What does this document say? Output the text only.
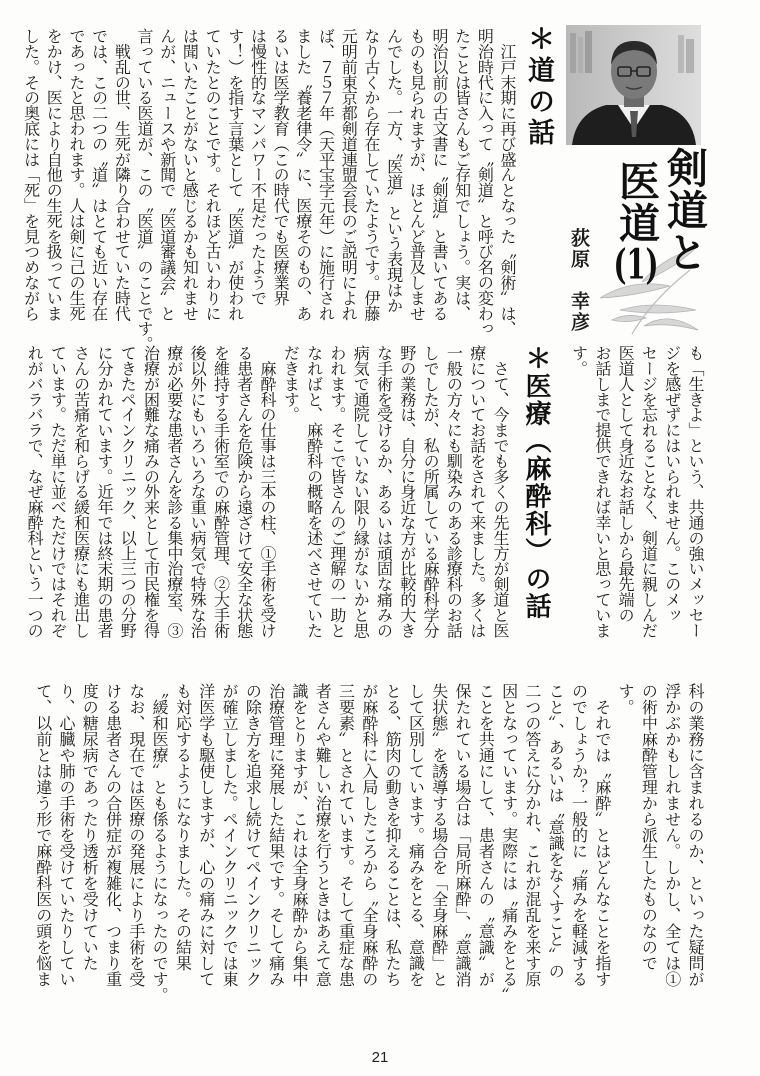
剣道と
医道(1)
荻原　幸彦
＊道の話
＊医療（麻酔科）の話
　江戸末期に再び盛んとなった〝剣術〟は、
明治時代に入って〝剣道〟と呼び名の変わっ
たことは皆さんもご存知でしょう。実は、
明治以前の古文書に〝剣道〟と書いてある
ものも見られますが、ほとんど普及しませ
んでした。一方、〝医道〟という表現はか
なり古くから存在していたようです。伊藤
元明前東京都剣道連盟会長のご説明によれ
ば、７５７年（天平宝字元年）に施行され
ました〝養老律令〟に、医療そのもの、あ
るいは医学教育（この時代でも医療業界
は慢性的なマンパワー不足だったようで
す！）を指す言葉として〝医道〟が使われ
ていたとのことです。それほど古いわりに
は聞いたことがないと感じるかも知れませ
んが、ニュースや新聞で〝医道審議会〟と
言っている医道が、この〝医道〟のことです。
　戦乱の世、生死が隣り合わせていた時代
では、この二つの〝道〟はとても近い存在
であったと思われます。人は剣に己の生死
をかけ、医により自他の生死を扱っていま
した。その奥底には「死」を見つめながら
も「生きよ」という、共通の強いメッセー
ジを感ぜずにはいられません。このメッ
セージを忘れることなく、剣道に親しんだ
医道人として身近なお話しから最先端の
お話しまで提供できれば幸いと思っていま
す。
　さて、今までも多くの先生方が剣道と医
療についてお話をされて来ました。多くは
一般の方々にも馴染みのある診療科のお話
しでしたが、私の所属している麻酔科学分
野の業務は、自分に身近な方が比較的大き
な手術を受けるか、あるいは頑固な痛みの
病気で通院していない限り縁がないかと思
われます。そこで皆さんのご理解の一助と
なればと、麻酔科の概略を述べさせていた
だきます。
　麻酔科の仕事は三本の柱、①手術を受け
る患者さんを危険から遠ざけて安全な状態
を維持する手術室での麻酔管理、②大手術
後以外にもいろいろな重い病気で特殊な治
療が必要な患者さんを診る集中治療室、③
治療が困難な痛みの外来として市民権を得
てきたペインクリニック、以上三つの分野
に分かれています。近年では終末期の患者
さんの苦痛を和らげる緩和医療にも進出し
ています。ただ単に並べただけではそれぞ
れがバラバラで、なぜ麻酔科という一つの
科の業務に含まれるのか、といった疑問が
浮かぶかもしれません。しかし、全ては①
の術中麻酔管理から派生したものなので
す。
　それでは〝麻酔〟とはどんなことを指す
のでしょうか？一般的に〝痛みを軽減する
こと〟、あるいは〝意識をなくすこと〟の
二つの答えに分かれ、これが混乱を来す原
因となっています。実際には〝痛みをとる〟
ことを共通にして、患者さんの〝意識〟が
保たれている場合は「局所麻酔」、〝意識消
失状態〟を誘導する場合を「全身麻酔」と
して区別しています。痛みをとる、意識を
とる、筋肉の動きを抑えることは、私たち
が麻酔科に入局したころから〝全身麻酔の
三要素〟とされています。そして重症な患
者さんや難しい治療を行うときはあえて意
識をとりますが、これは全身麻酔から集中
治療管理に発展した結果です。そして痛み
の除き方を追求し続けてペインクリニック
が確立しました。ペインクリニックでは東
洋医学も駆使しますが、心の痛みに対して
も対応するようになりました。その結果
〝緩和医療〟とも係るようになったのです。
なお、現在では医療の発展により手術を受
ける患者さんの合併症が複雑化、つまり重
度の糖尿病であったり透析を受けていた
り、心臓や肺の手術を受けていたりしてい
て、以前とは違う形で麻酔科医の頭を悩ま
21
